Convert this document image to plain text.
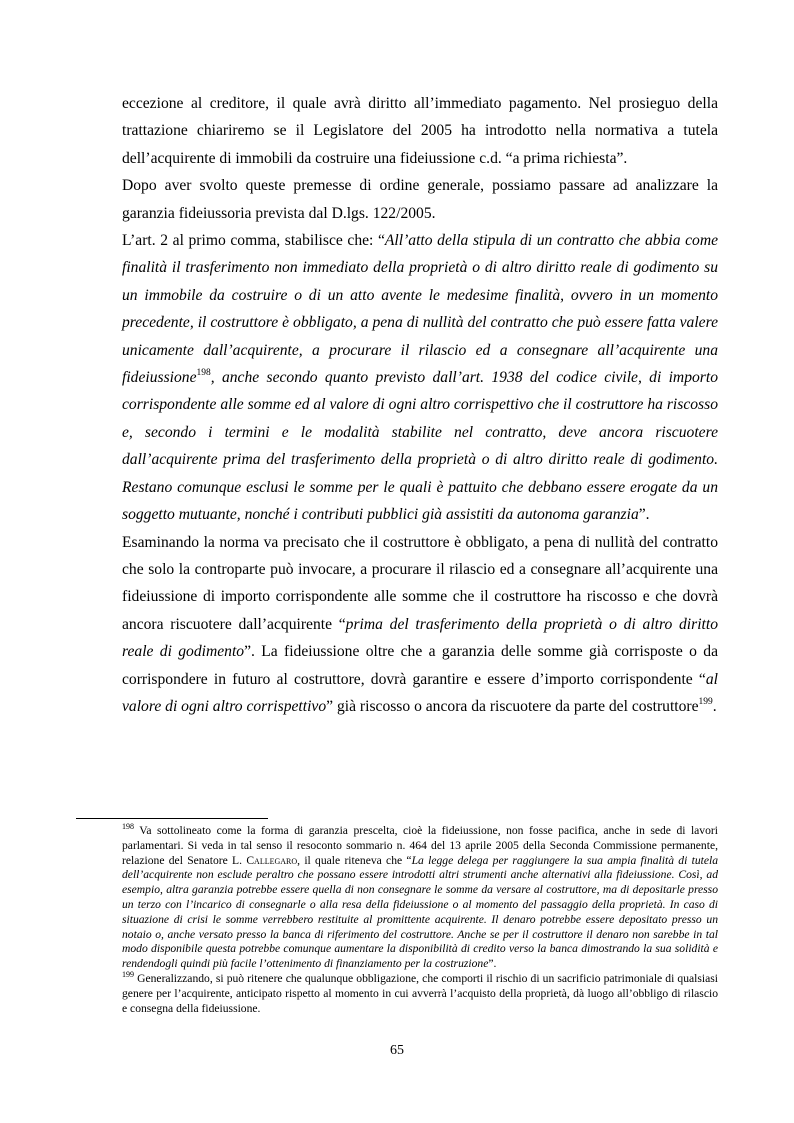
eccezione al creditore, il quale avrà diritto all’immediato pagamento. Nel prosieguo della trattazione chiariremo se il Legislatore del 2005 ha introdotto nella normativa a tutela dell’acquirente di immobili da costruire una fideiussione c.d. “a prima richiesta”.

Dopo aver svolto queste premesse di ordine generale, possiamo passare ad analizzare la garanzia fideiussoria prevista dal D.lgs. 122/2005.

L’art. 2 al primo comma, stabilisce che: “All’atto della stipula di un contratto che abbia come finalità il trasferimento non immediato della proprietà o di altro diritto reale di godimento su un immobile da costruire o di un atto avente le medesime finalità, ovvero in un momento precedente, il costruttore è obbligato, a pena di nullità del contratto che può essere fatta valere unicamente dall’acquirente, a procurare il rilascio ed a consegnare all’acquirente una fideiussione$^{198}$, anche secondo quanto previsto dall’art. 1938 del codice civile, di importo corrispondente alle somme ed al valore di ogni altro corrispettivo che il costruttore ha riscosso e, secondo i termini e le modalità stabilite nel contratto, deve ancora riscuotere dall’acquirente prima del trasferimento della proprietà o di altro diritto reale di godimento. Restano comunque esclusi le somme per le quali è pattuito che debbano essere erogate da un soggetto mutuante, nonché i contributi pubblici già assistiti da autonoma garanzia”.

Esaminando la norma va precisato che il costruttore è obbligato, a pena di nullità del contratto che solo la controparte può invocare, a procurare il rilascio ed a consegnare all’acquirente una fideiussione di importo corrispondente alle somme che il costruttore ha riscosso e che dovrà ancora riscuotere dall’acquirente “prima del trasferimento della proprietà o di altro diritto reale di godimento”. La fideiussione oltre che a garanzia delle somme già corrisposte o da corrispondere in futuro al costruttore, dovrà garantire e essere d’importo corrispondente “al valore di ogni altro corrispettivo” già riscosso o ancora da riscuotere da parte del costruttore$^{199}$.

$^{198}$ Va sottolineato come la forma di garanzia prescelta, cioè la fideiussione, non fosse pacifica, anche in sede di lavori parlamentari. Si veda in tal senso il resoconto sommario n. 464 del 13 aprile 2005 della Seconda Commissione permanente, relazione del Senatore L. Callegaro, il quale riteneva che “La legge delega per raggiungere la sua ampia finalità di tutela dell’acquirente non esclude peraltro che possano essere introdotti altri strumenti anche alternativi alla fideiussione. Così, ad esempio, altra garanzia potrebbe essere quella di non consegnare le somme da versare al costruttore, ma di depositarle presso un terzo con l’incarico di consegnarle o alla resa della fideiussione o al momento del passaggio della proprietà. In caso di situazione di crisi le somme verrebbero restituite al promittente acquirente. Il denaro potrebbe essere depositato presso un notaio o, anche versato presso la banca di riferimento del costruttore. Anche se per il costruttore il denaro non sarebbe in tal modo disponibile questa potrebbe comunque aumentare la disponibilità di credito verso la banca dimostrando la sua solidità e rendendogli quindi più facile l’ottenimento di finanziamento per la costruzione”.

$^{199}$ Generalizzando, si può ritenere che qualunque obbligazione, che comporti il rischio di un sacrificio patrimoniale di qualsiasi genere per l’acquirente, anticipato rispetto al momento in cui avverrà l’acquisto della proprietà, dà luogo all’obbligo di rilascio e consegna della fideiussione.

65
